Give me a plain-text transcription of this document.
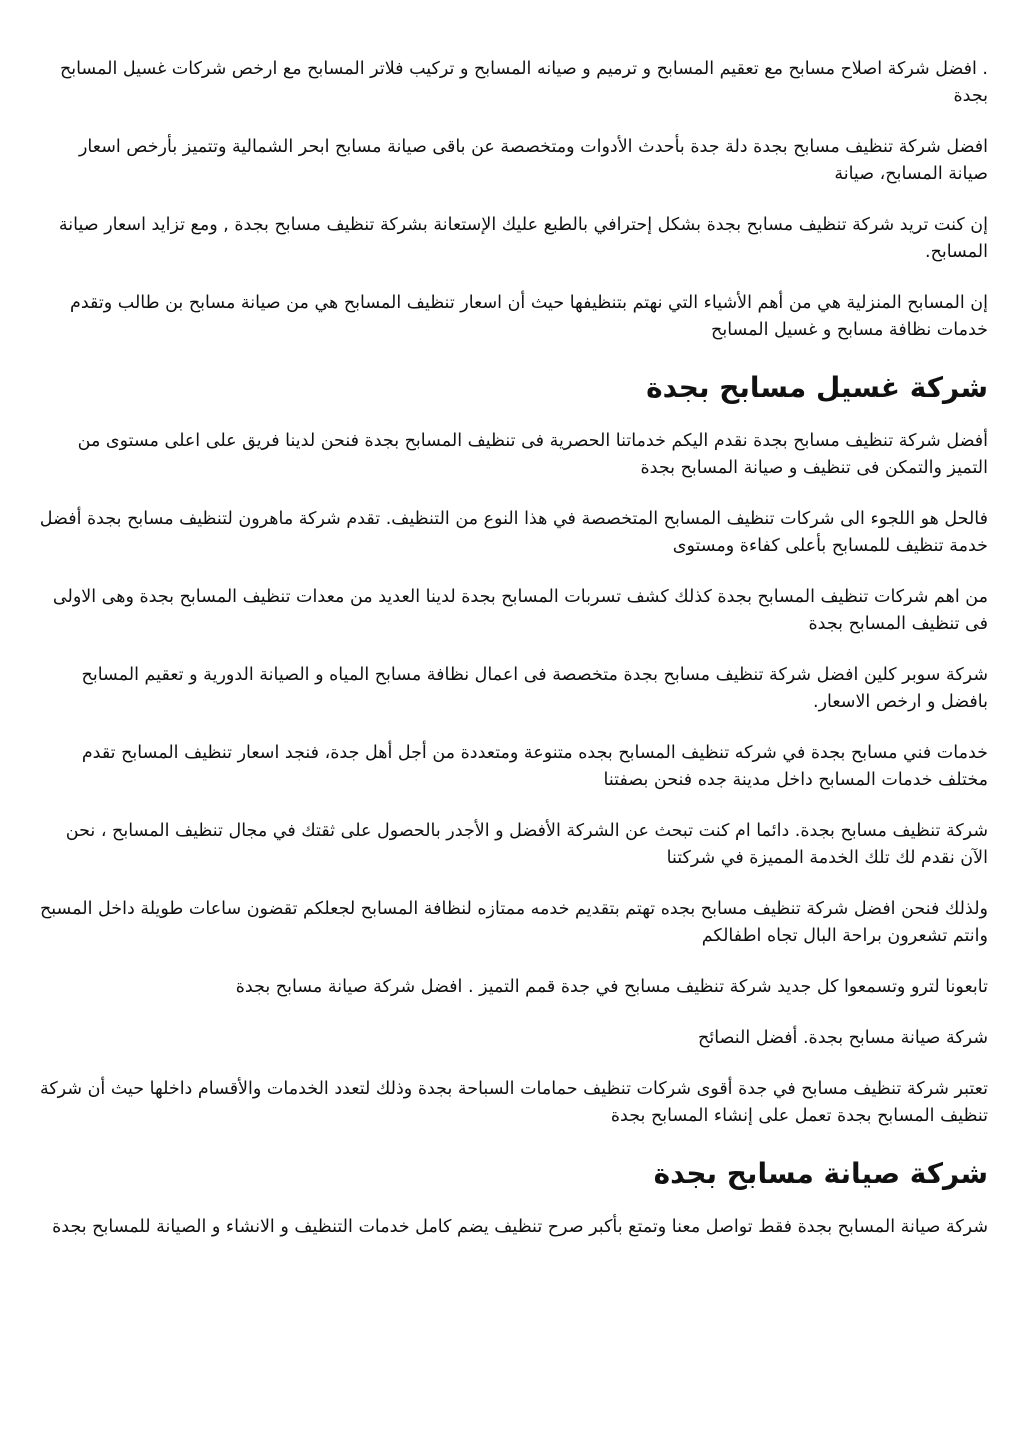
. افضل شركة اصلاح مسابح مع تعقيم المسابح و ترميم و صيانه المسابح و تركيب فلاتر المسابح مع ارخص شركات غسيل المسابح بجدة

افضل شركة تنظيف مسابح بجدة دلة جدة بأحدث الأدوات ومتخصصة عن باقى صيانة مسابح ابحر الشمالية وتتميز بأرخص اسعار صيانة المسابح، صيانة

إن كنت تريد شركة تنظيف مسابح بجدة بشكل إحترافي بالطبع عليك الإستعانة بشركة تنظيف مسابح بجدة , ومع تزايد اسعار صيانة المسابح.

إن المسابح المنزلية هي من أهم الأشياء التي نهتم بتنظيفها حيث أن اسعار تنظيف المسابح هي من صيانة مسابح بن طالب وتقدم خدمات نظافة مسابح و غسيل المسابح

شركة غسيل مسابح بجدة

أفضل شركة تنظيف مسابح بجدة نقدم اليكم خدماتنا الحصرية فى تنظيف المسابح بجدة فنحن لدينا فريق على اعلى مستوى من التميز والتمكن فى تنظيف و صيانة المسابح بجدة

فالحل هو اللجوء الى شركات تنظيف المسابح المتخصصة في هذا النوع من التنظيف. تقدم شركة ماهرون لتنظيف مسابح بجدة أفضل خدمة تنظيف للمسابح بأعلى كفاءة ومستوى

من اهم شركات تنظيف المسابح بجدة كذلك كشف تسربات المسابح بجدة لدينا العديد من معدات تنظيف المسابح بجدة وهى الاولى فى تنظيف المسابح بجدة

شركة سوبر كلين افضل شركة تنظيف مسابح بجدة متخصصة فى اعمال نظافة مسابح المياه و الصيانة الدورية و تعقيم المسابح بافضل و ارخص الاسعار.

خدمات فني مسابح بجدة في شركه تنظيف المسابح بجده متنوعة ومتعددة من أجل أهل جدة، فنجد اسعار تنظيف المسابح تقدم مختلف خدمات المسابح داخل مدينة جده فنحن بصفتنا

شركة تنظيف مسابح بجدة. دائما ام كنت تبحث عن الشركة الأفضل و الأجدر بالحصول على ثقتك في مجال تنظيف المسابح ، نحن الآن نقدم لك تلك الخدمة المميزة في شركتنا

ولذلك فنحن افضل شركة تنظيف مسابح بجده تهتم بتقديم خدمه ممتازه لنظافة المسابح لجعلكم تقضون ساعات طويلة داخل المسبح وانتم تشعرون براحة البال تجاه اطفالكم

تابعونا لترو وتسمعوا كل جديد شركة تنظيف مسابح في جدة قمم التميز . افضل شركة صيانة مسابح بجدة

شركة صيانة مسابح بجدة. أفضل النصائح

تعتبر شركة تنظيف مسابح في جدة أقوى شركات تنظيف حمامات السباحة بجدة وذلك لتعدد الخدمات والأقسام داخلها حيث أن شركة تنظيف المسابح بجدة تعمل على إنشاء المسابح بجدة

شركة صيانة مسابح بجدة

شركة صيانة المسابح بجدة فقط تواصل معنا وتمتع بأكبر صرح تنظيف يضم كامل خدمات التنظيف و الانشاء و الصيانة للمسابح بجدة
